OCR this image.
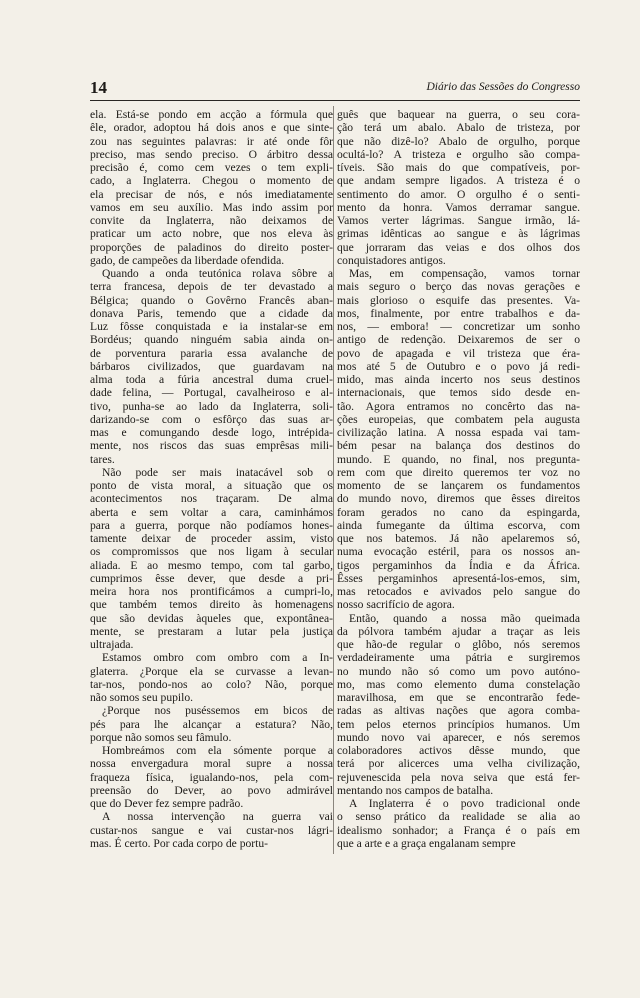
14	Diário das Sessões do Congresso

ela. Está-se pondo em acção a fórmula que

êle, orador, adoptou há dois anos e que sinte-

zou nas seguintes palavras: ir até onde fôr

preciso, mas sendo preciso. O árbitro dessa

precisão é, como cem vezes o tem expli-

cado, a Inglaterra. Chegou o momento de

ela precisar de nós, e nós imediatamente

vamos em seu auxílio. Mas indo assim por

convite da Inglaterra, não deixamos de

praticar um acto nobre, que nos eleva às

proporções de paladinos do direito poster-

gado, de campeões da liberdade ofendida.

Quando a onda teutónica rolava sôbre a

terra francesa, depois de ter devastado a

Bélgica; quando o Govêrno Francês aban-

donava Paris, temendo que a cidade da

Luz fôsse conquistada e ia instalar-se em

Bordéus; quando ninguém sabia ainda on-

de porventura pararia essa avalanche de

bárbaros civilizados, que guardavam na

alma toda a fúria ancestral duma cruel-

dade felina, — Portugal, cavalheiroso e al-

tivo, punha-se ao lado da Inglaterra, soli-

darizando-se com o esfôrço das suas ar-

mas e comungando desde logo, intrépida-

mente, nos riscos das suas emprêsas mili-

tares.

Não pode ser mais inatacável sob o

ponto de vista moral, a situação que os

acontecimentos nos traçaram. De alma

aberta e sem voltar a cara, caminhámos

para a guerra, porque não podíamos hones-

tamente deixar de proceder assim, visto

os compromissos que nos ligam à secular

aliada. E ao mesmo tempo, com tal garbo,

cumprimos êsse dever, que desde a pri-

meira hora nos prontificámos a cumpri-lo,

que também temos direito às homenagens

que são devidas àqueles que, expontânea-

mente, se prestaram a lutar pela justiça

ultrajada.

Estamos ombro com ombro com a In-

glaterra. ¿Porque ela se curvasse a levan-

tar-nos, pondo-nos ao colo? Não, porque

não somos seu pupilo.

¿Porque nos puséssemos em bicos de

pés para lhe alcançar a estatura? Não,

porque não somos seu fâmulo.

Hombreámos com ela sómente porque a

nossa envergadura moral supre a nossa

fraqueza física, igualando-nos, pela com-

preensão do Dever, ao povo admirável

que do Dever fez sempre padrão.

A nossa intervenção na guerra vai

custar-nos sangue e vai custar-nos lágri-

mas. É certo. Por cada corpo de portu-

guês que baquear na guerra, o seu cora-

ção terá um abalo. Abalo de tristeza, por

que não dizê-lo? Abalo de orgulho, porque

ocultá-lo? A tristeza e orgulho são compa-

tíveis. São mais do que compatíveis, por-

que andam sempre ligados. A tristeza é o

sentimento do amor. O orgulho é o senti-

mento da honra. Vamos derramar sangue.

Vamos verter lágrimas. Sangue irmão, lá-

grimas idênticas ao sangue e às lágrimas

que jorraram das veias e dos olhos dos

conquistadores antigos.

Mas, em compensação, vamos tornar

mais seguro o berço das novas gerações e

mais glorioso o esquife das presentes. Va-

mos, finalmente, por entre trabalhos e da-

nos, — embora! — concretizar um sonho

antigo de redenção. Deixaremos de ser o

povo de apagada e vil tristeza que éra-

mos até 5 de Outubro e o povo já redi-

mido, mas ainda incerto nos seus destinos

internacionais, que temos sido desde en-

tão. Agora entramos no concêrto das na-

ções europeias, que combatem pela augusta

civilização latina. A nossa espada vai tam-

bém pesar na balança dos destinos do

mundo. E quando, no final, nos pregunta-

rem com que direito queremos ter voz no

momento de se lançarem os fundamentos

do mundo novo, diremos que êsses direitos

foram gerados no cano da espingarda,

ainda fumegante da última escorva, com

que nos batemos. Já não apelaremos só,

numa evocação estéril, para os nossos an-

tigos pergaminhos da Índia e da África.

Êsses pergaminhos apresentá-los-emos, sim,

mas retocados e avivados pelo sangue do

nosso sacrifício de agora.

Então, quando a nossa mão queimada

da pólvora também ajudar a traçar as leis

que hão-de regular o glôbo, nós seremos

verdadeiramente uma pátria e surgiremos

no mundo não só como um povo autóno-

mo, mas como elemento duma constelação

maravilhosa, em que se encontrarão fede-

radas as altivas nações que agora comba-

tem pelos eternos princípios humanos. Um

mundo novo vai aparecer, e nós seremos

colaboradores activos dêsse mundo, que

terá por alicerces uma velha civilização,

rejuvenescida pela nova seiva que está fer-

mentando nos campos de batalha.

A Inglaterra é o povo tradicional onde

o senso prático da realidade se alia ao

idealismo sonhador; a França é o país em

que a arte e a graça engalanam sempre
